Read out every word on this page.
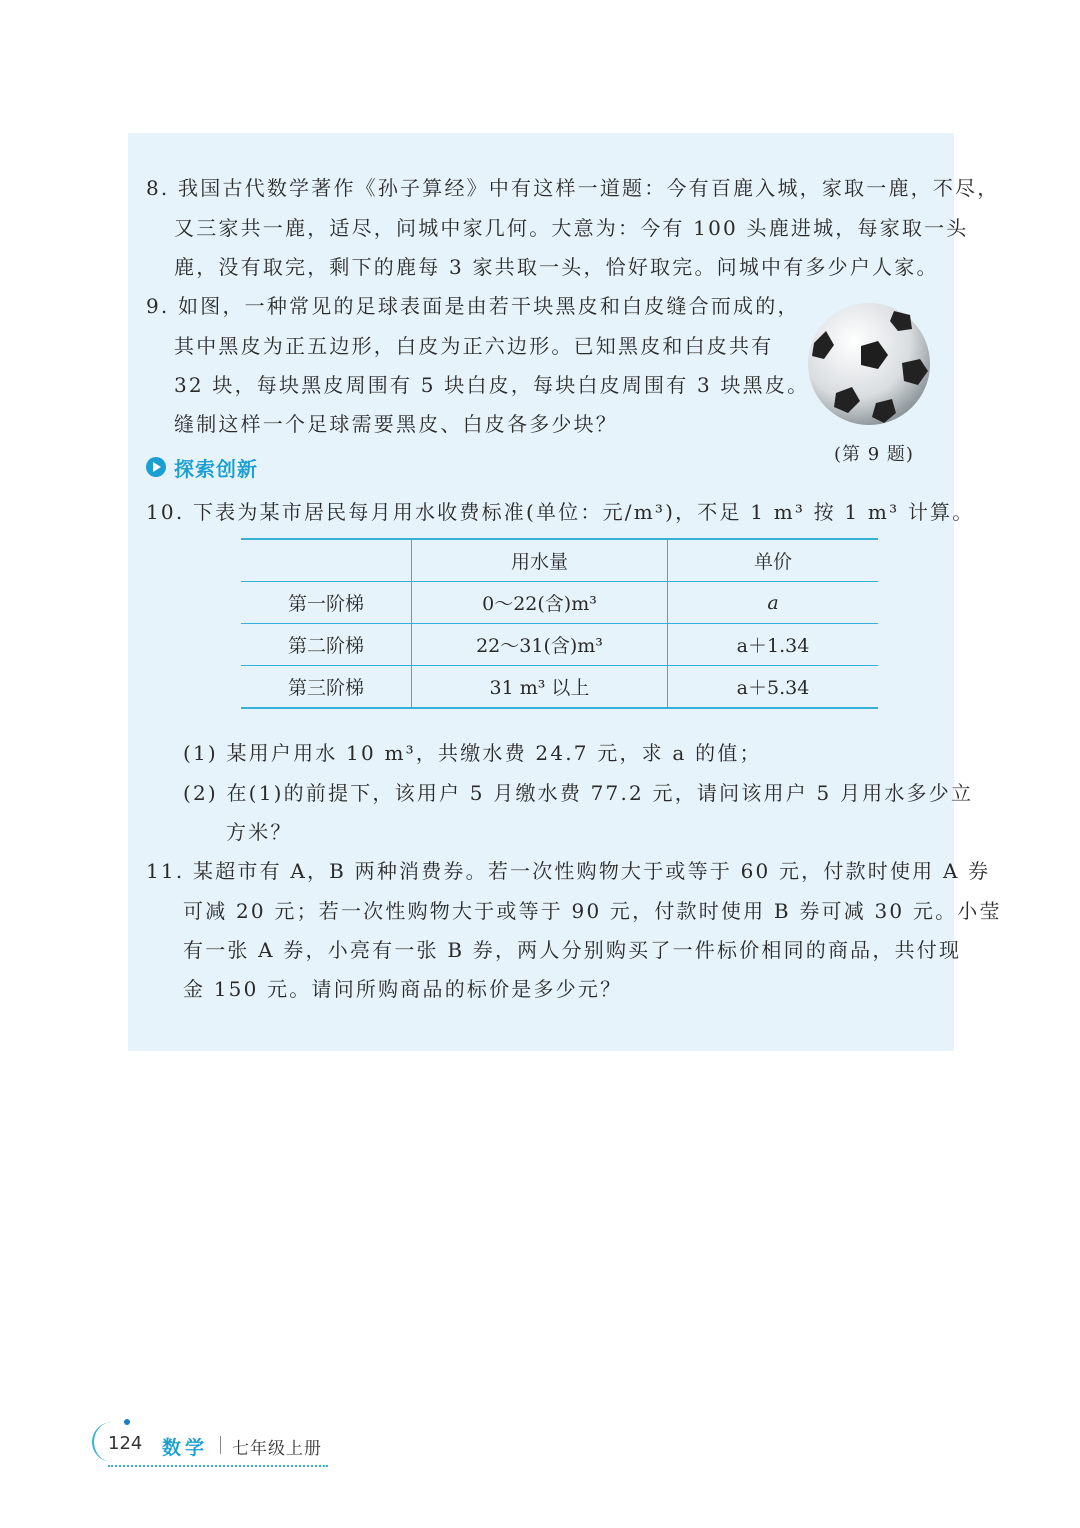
8. 我国古代数学著作《孙子算经》中有这样一道题：今有百鹿入城，家取一鹿，不尽，
又三家共一鹿，适尽，问城中家几何。大意为：今有 100 头鹿进城，每家取一头
鹿，没有取完，剩下的鹿每 3 家共取一头，恰好取完。问城中有多少户人家。
9. 如图，一种常见的足球表面是由若干块黑皮和白皮缝合而成的，
其中黑皮为正五边形，白皮为正六边形。已知黑皮和白皮共有
32 块，每块黑皮周围有 5 块白皮，每块白皮周围有 3 块黑皮。
缝制这样一个足球需要黑皮、白皮各多少块？
(第 9 题)
探索创新
10. 下表为某市居民每月用水收费标准(单位：元/m³)，不足 1 m³ 按 1 m³ 计算。
	用水量	单价
第一阶梯	0～22(含)m³	a
第二阶梯	22～31(含)m³	a＋1.34
第三阶梯	31 m³ 以上	a＋5.34
(1) 某用户用水 10 m³，共缴水费 24.7 元，求 a 的值；
(2) 在(1)的前提下，该用户 5 月缴水费 77.2 元，请问该用户 5 月用水多少立
方米？
11. 某超市有 A，B 两种消费券。若一次性购物大于或等于 60 元，付款时使用 A 券
可减 20 元；若一次性购物大于或等于 90 元，付款时使用 B 券可减 30 元。小莹
有一张 A 券，小亮有一张 B 券，两人分别购买了一件标价相同的商品，共付现
金 150 元。请问所购商品的标价是多少元？
124 数学 七年级上册
